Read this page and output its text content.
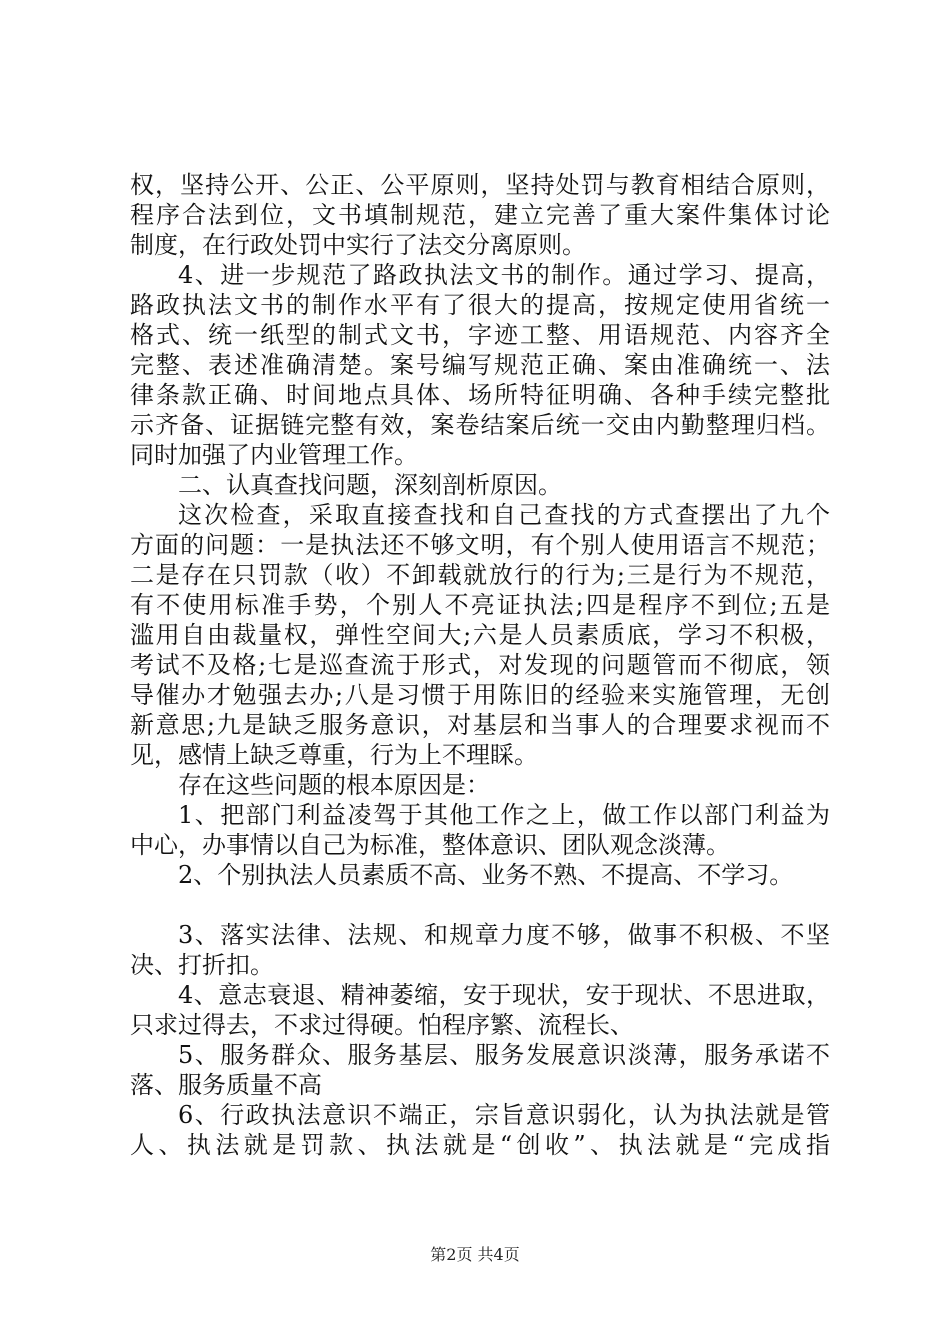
权，坚持公开、公正、公平原则，坚持处罚与教育相结合原则，
程序合法到位，文书填制规范，建立完善了重大案件集体讨论
制度，在行政处罚中实行了法交分离原则。
4、进一步规范了路政执法文书的制作。通过学习、提高，
路政执法文书的制作水平有了很大的提高，按规定使用省统一
格式、统一纸型的制式文书，字迹工整、用语规范、内容齐全
完整、表述准确清楚。案号编写规范正确、案由准确统一、法
律条款正确、时间地点具体、场所特征明确、各种手续完整批
示齐备、证据链完整有效，案卷结案后统一交由内勤整理归档。
同时加强了内业管理工作。
二、认真查找问题，深刻剖析原因。
这次检查，采取直接查找和自己查找的方式查摆出了九个
方面的问题：一是执法还不够文明，有个别人使用语言不规范；
二是存在只罚款（收）不卸载就放行的行为;三是行为不规范，
有不使用标准手势，个别人不亮证执法;四是程序不到位;五是
滥用自由裁量权，弹性空间大;六是人员素质底，学习不积极，
考试不及格;七是巡查流于形式，对发现的问题管而不彻底，领
导催办才勉强去办;八是习惯于用陈旧的经验来实施管理，无创
新意思;九是缺乏服务意识，对基层和当事人的合理要求视而不
见，感情上缺乏尊重，行为上不理睬。
存在这些问题的根本原因是：
1、把部门利益凌驾于其他工作之上，做工作以部门利益为
中心，办事情以自己为标准，整体意识、团队观念淡薄。
2、个别执法人员素质不高、业务不熟、不提高、不学习。
3、落实法律、法规、和规章力度不够，做事不积极、不坚
决、打折扣。
4、意志衰退、精神萎缩，安于现状，安于现状、不思进取，
只求过得去，不求过得硬。怕程序繁、流程长、
5、服务群众、服务基层、服务发展意识淡薄，服务承诺不
落、服务质量不高
6、行政执法意识不端正，宗旨意识弱化，认为执法就是管
人、执法就是罚款、执法就是“创收”、执法就是“完成指
第2页 共4页
